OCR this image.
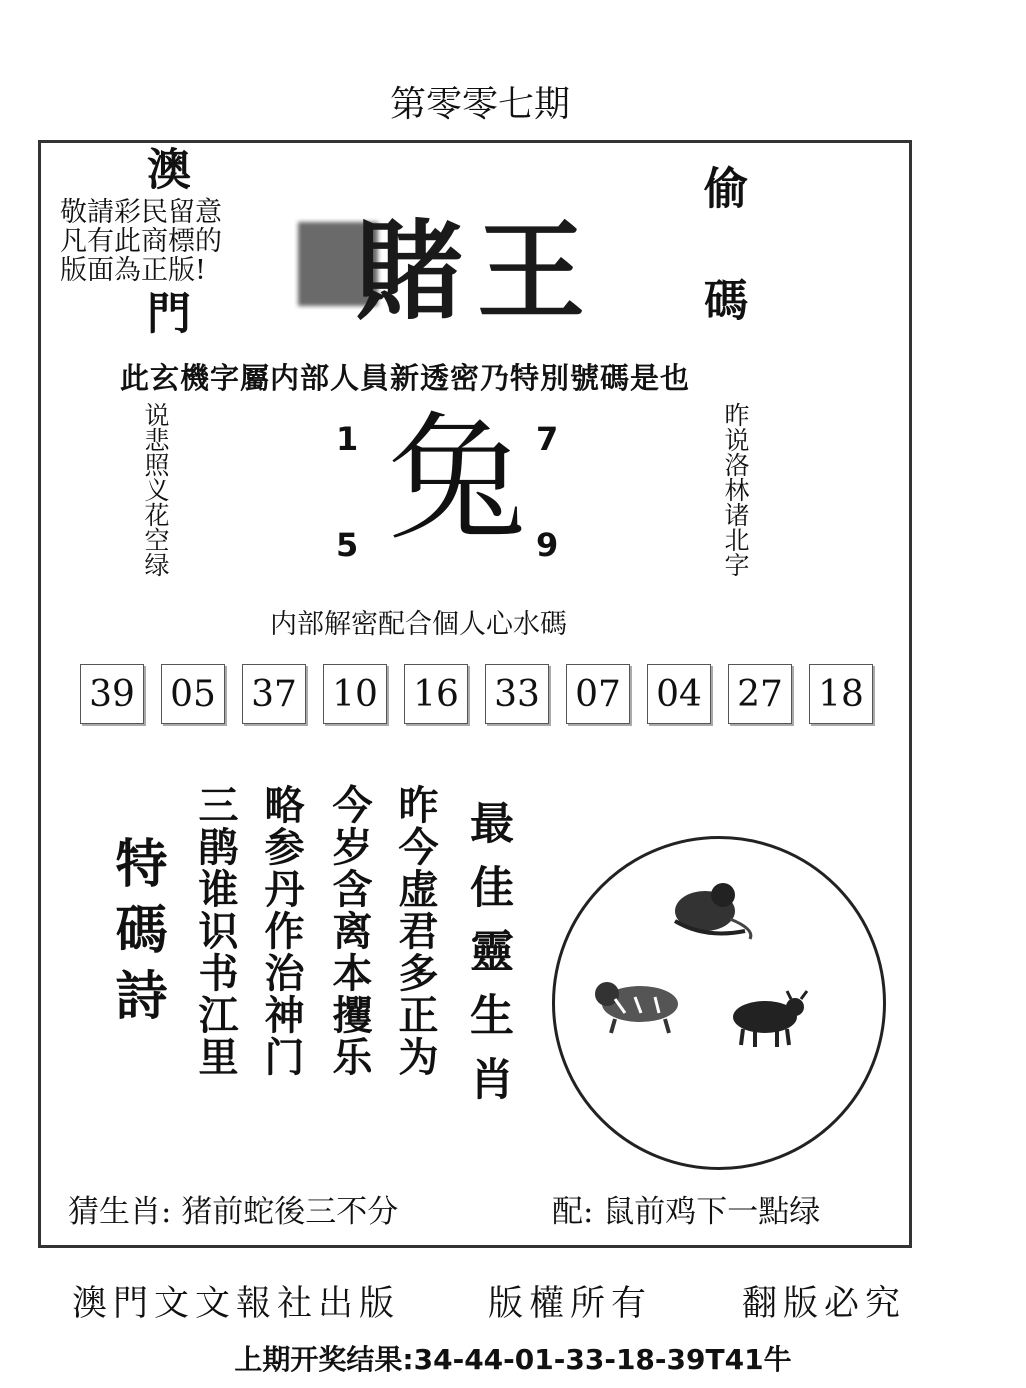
第零零七期
澳門
偷碼
賭王
敬請彩民留意
凡有此商標的
版面為正版!
此玄機字屬内部人員新透密乃特別號碼是也
说悲照义花空绿	昨说洛林诸北字
1	7
5	9
兔
内部解密配合個人心水碼
39 05 37 10 16 33 07 04 27 18
特碼詩 三鹃谁识书江里 略参丹作治神门 今岁含离本攫乐 昨今虚君多正为 最佳靈生肖
猜生肖: 猪前蛇後三不分	配: 鼠前鸡下一點绿
澳門文文報社出版	版權所有	翻版必究
上期开奖结果:34-44-01-33-18-39T41牛
